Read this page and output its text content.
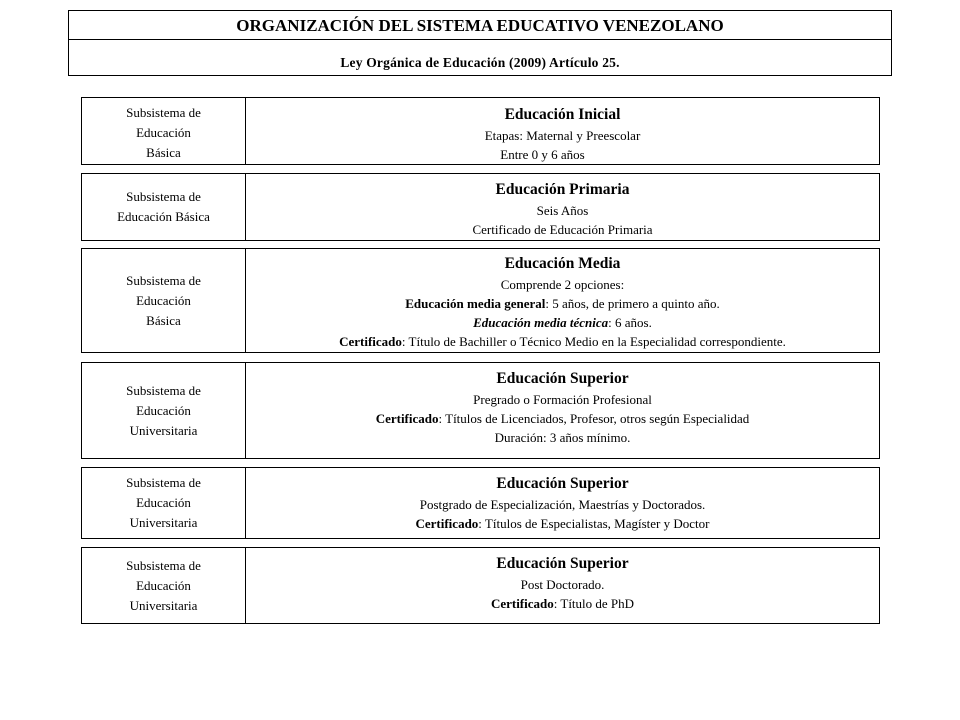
ORGANIZACIÓN DEL SISTEMA EDUCATIVO VENEZOLANO
Ley Orgánica de Educación (2009) Artículo 25.
Subsistema de
Educación
Básica
Educación Inicial
Etapas: Maternal y Preescolar
Entre 0 y 6 años
Subsistema de
Educación Básica
Educación Primaria
Seis Años
Certificado de Educación Primaria
Subsistema de
Educación
Básica
Educación Media
Comprende 2 opciones:
Educación media general: 5 años, de primero a quinto año.
Educación media técnica: 6 años.
Certificado: Título de Bachiller o Técnico Medio en la Especialidad correspondiente.
Subsistema de
Educación
Universitaria
Educación Superior
Pregrado o Formación Profesional
Certificado: Títulos de Licenciados, Profesor, otros según Especialidad
Duración: 3 años mínimo.
Subsistema de
Educación
Universitaria
Educación Superior
Postgrado de Especialización, Maestrías y Doctorados.
Certificado: Títulos de Especialistas, Magíster y Doctor
Subsistema de
Educación
Universitaria
Educación Superior
Post Doctorado.
Certificado: Título de PhD
